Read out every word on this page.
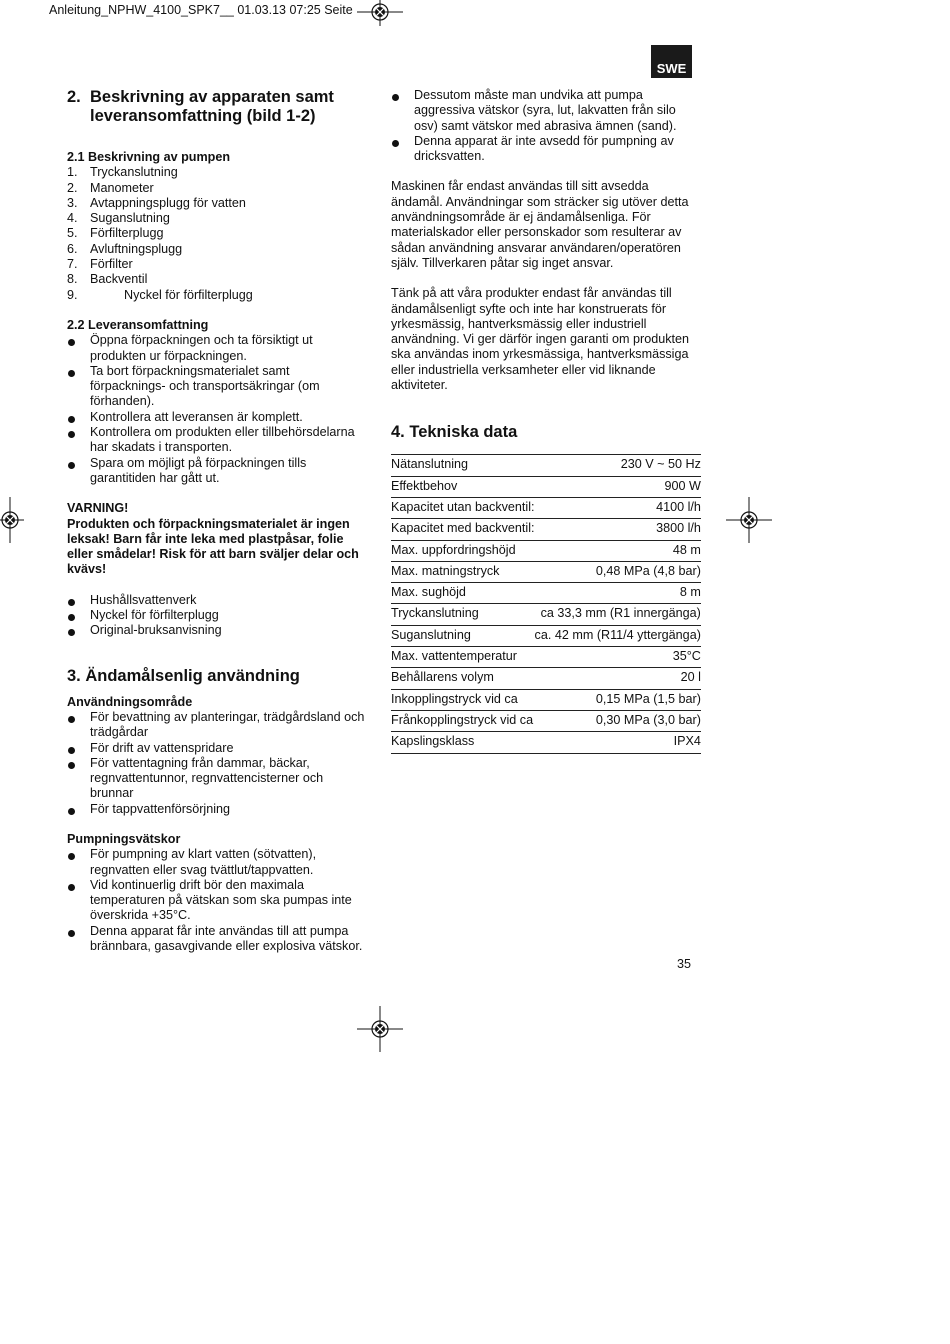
Anleitung_NPHW_4100_SPK7__ 01.03.13 07:25 Seite
SWE
2. Beskrivning av apparaten samt leveransomfattning (bild 1-2)
2.1 Beskrivning av pumpen
1. Tryckanslutning
2. Manometer
3. Avtappningsplugg för vatten
4. Suganslutning
5. Förfilterplugg
6. Avluftningsplugg
7. Förfilter
8. Backventil
9.	Nyckel för förfilterplugg
2.2 Leveransomfattning
Öppna förpackningen och ta försiktigt ut produkten ur förpackningen.
Ta bort förpackningsmaterialet samt förpacknings- och transportsäkringar (om förhanden).
Kontrollera att leveransen är komplett.
Kontrollera om produkten eller tillbehörsdelarna har skadats i transporten.
Spara om möjligt på förpackningen tills garantitiden har gått ut.

VARNING!

Produkten och förpackningsmaterialet är ingen leksak! Barn får inte leka med plastpåsar, folie eller smådelar! Risk för att barn sväljer delar och kvävs!

Hushållsvattenverk
Nyckel för förfilterplugg
Original-bruksanvisning
3. Ändamålsenlig användning
Användningsområde
För bevattning av planteringar, trädgårdsland och trädgårdar
För drift av vattenspridare
För vattentagning från dammar, bäckar, regnvattentunnor, regnvattencisterner och brunnar
För tappvattenförsörjning
Pumpningsvätskor
För pumpning av klart vatten (sötvatten), regnvatten eller svag tvättlut/tappvatten.
Vid kontinuerlig drift bör den maximala temperaturen på vätskan som ska pumpas inte överskrida +35°C.
Denna apparat får inte användas till att pumpa brännbara, gasavgivande eller explosiva vätskor.
Dessutom måste man undvika att pumpa aggressiva vätskor (syra, lut, lakvatten från silo osv) samt vätskor med abrasiva ämnen (sand).
Denna apparat är inte avsedd för pumpning av dricksvatten.

Maskinen får endast användas till sitt avsedda ändamål. Användningar som sträcker sig utöver detta användningsområde är ej ändamålsenliga. För materialskador eller personskador som resulterar av sådan användning ansvarar användaren/operatören själv. Tillverkaren påtar sig inget ansvar.

Tänk på att våra produkter endast får användas till ändamålsenligt syfte och inte har konstruerats för yrkesmässig, hantverksmässig eller industriell användning. Vi ger därför ingen garanti om produkten ska användas inom yrkesmässiga, hantverksmässiga eller industriella verksamheter eller vid liknande aktiviteter.

4. Tekniska data
Nätanslutning	230 V ~ 50 Hz
Effektbehov	900 W
Kapacitet utan backventil:	4100 l/h
Kapacitet med backventil:	3800 l/h
Max. uppfordringshöjd	48 m
Max. matningstryck	0,48 MPa (4,8 bar)
Max. sughöjd	8 m
Tryckanslutning	ca 33,3 mm (R1 innergänga)
Suganslutning	ca. 42 mm (R11/4 yttergänga)
Max. vattentemperatur	35°C
Behållarens volym	20 l
Inkopplingstryck vid ca	0,15 MPa (1,5 bar)
Frånkopplingstryck vid ca	0,30 MPa (3,0 bar)
Kapslingsklass	IPX4
35
